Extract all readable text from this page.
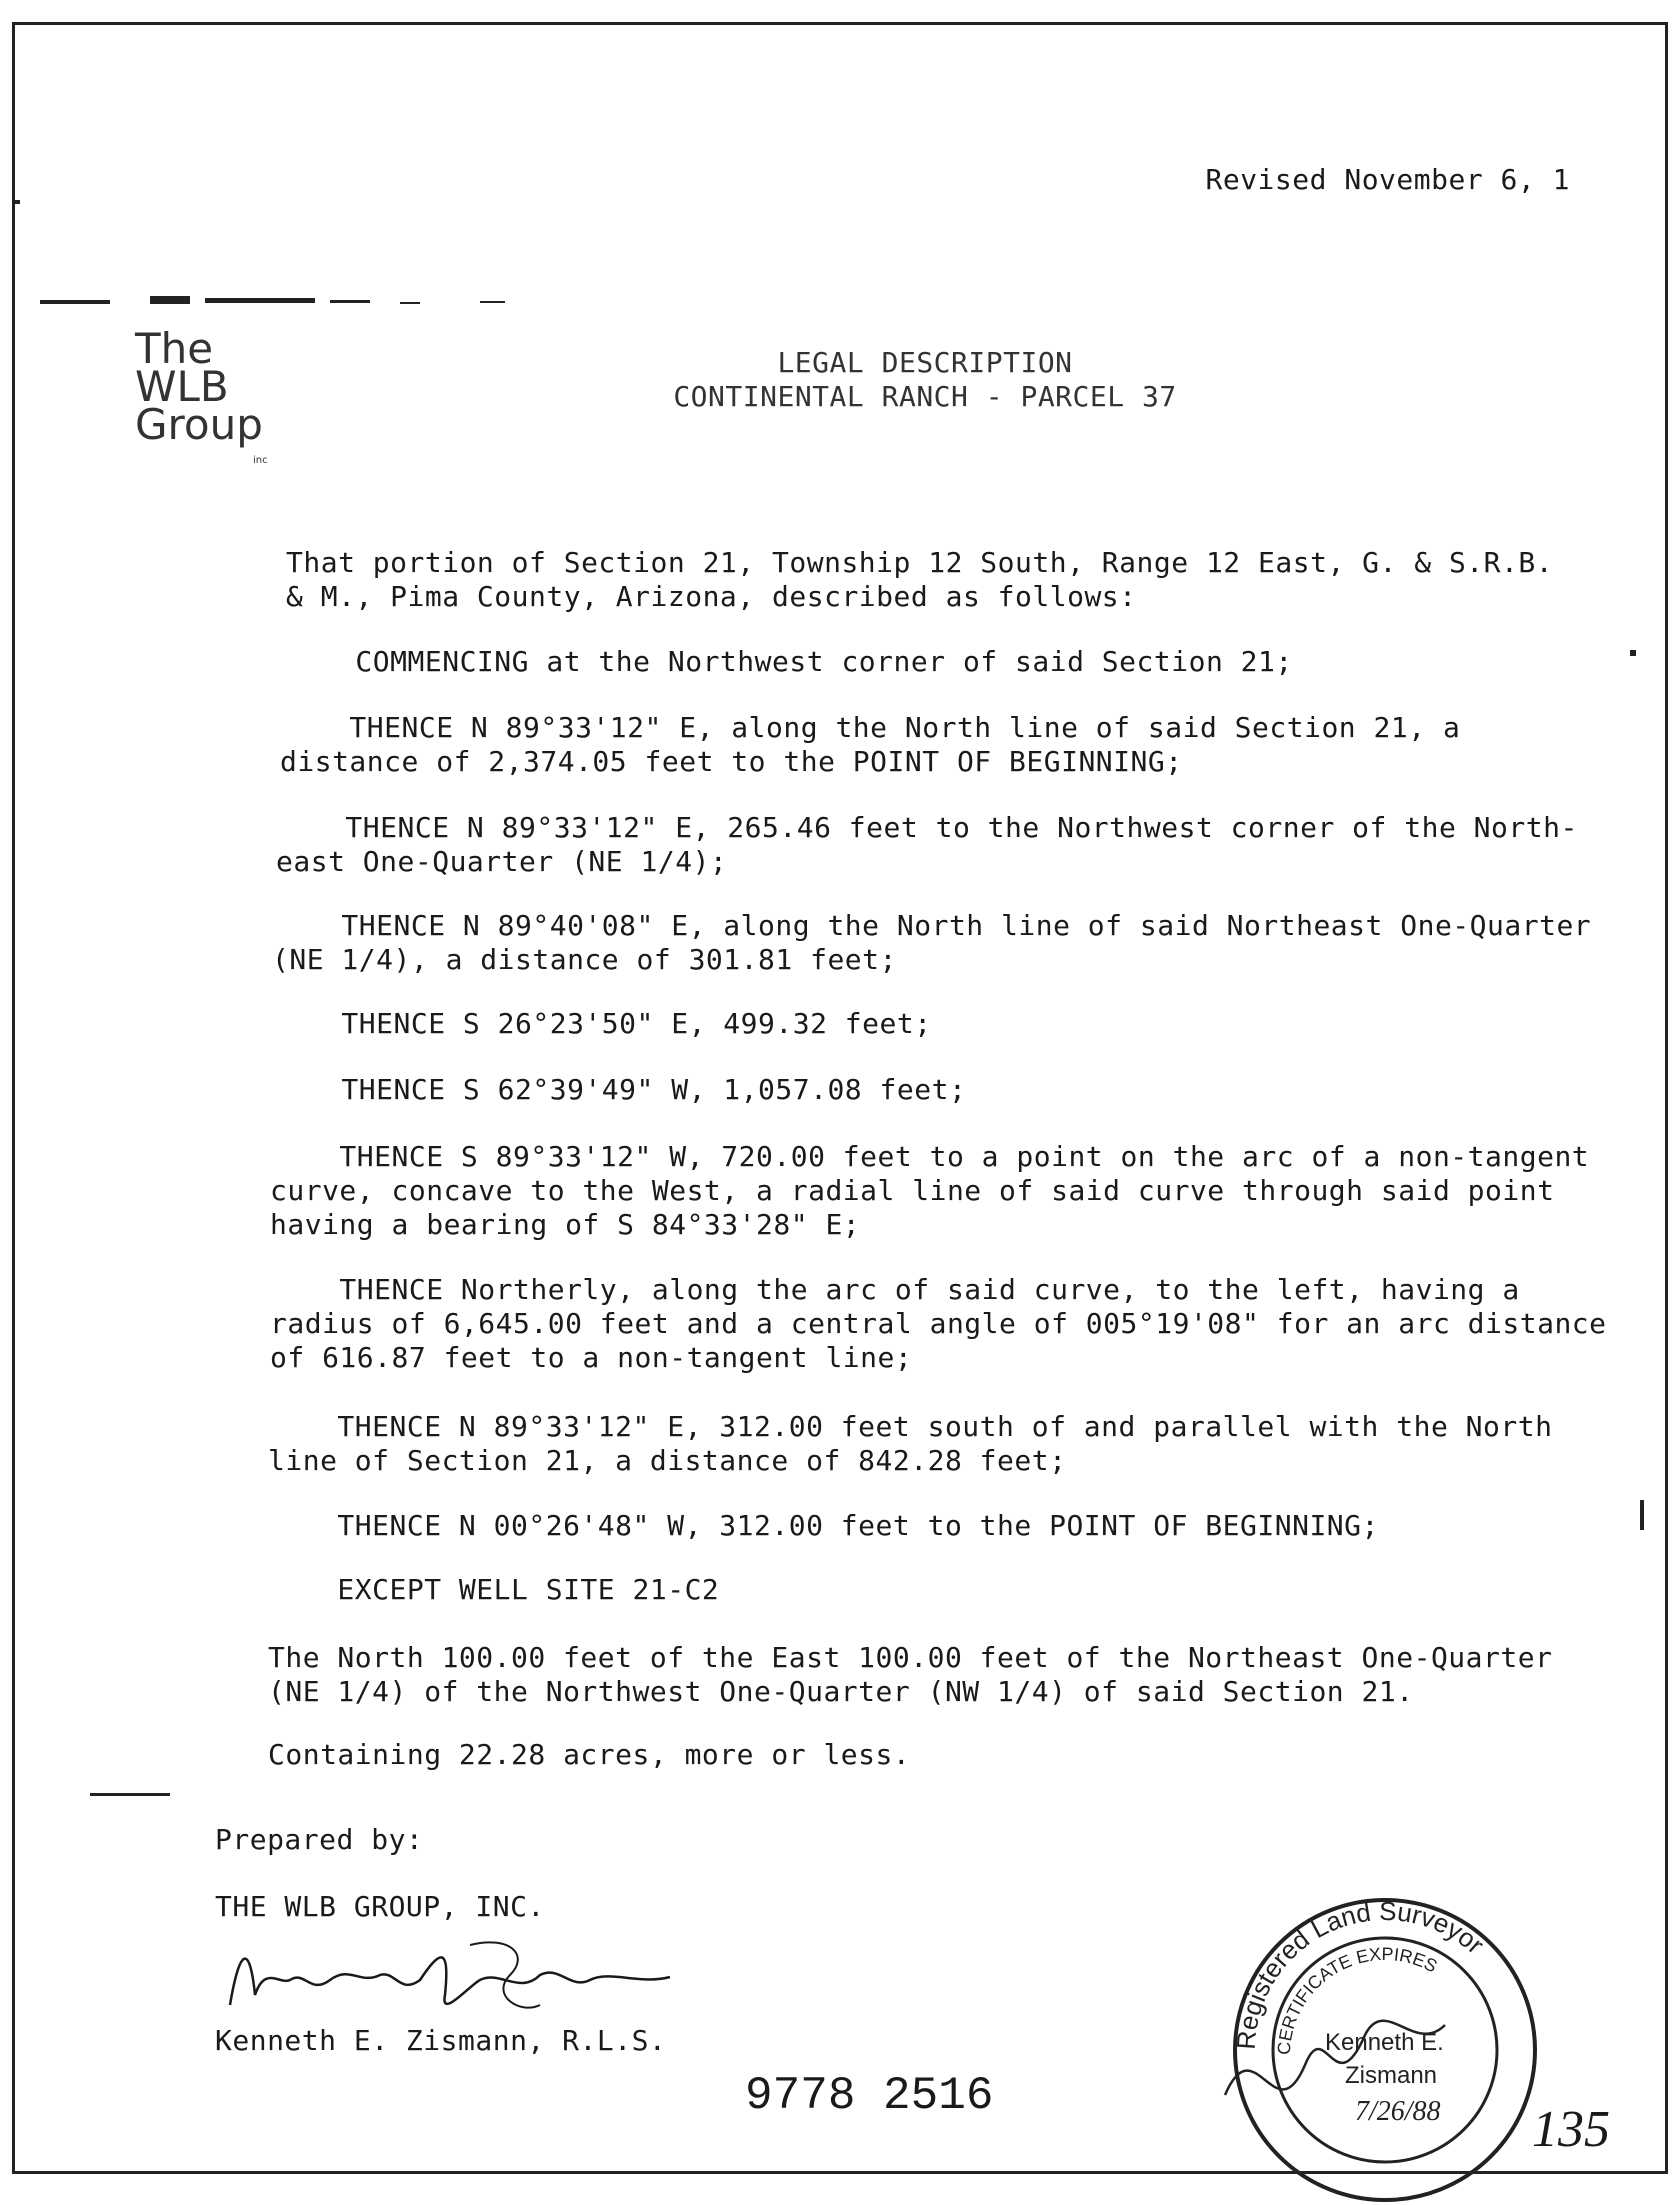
Revised November 6, 1
The
WLB
Group
inc
LEGAL DESCRIPTION
CONTINENTAL RANCH - PARCEL 37
That portion of Section 21, Township 12 South, Range 12 East, G. & S.R.B.
& M., Pima County, Arizona, described as follows:
COMMENCING at the Northwest corner of said Section 21;
THENCE N 89°33'12" E, along the North line of said Section 21, a
distance of 2,374.05 feet to the POINT OF BEGINNING;
THENCE N 89°33'12" E, 265.46 feet to the Northwest corner of the North-
east One-Quarter (NE 1/4);
THENCE N 89°40'08" E, along the North line of said Northeast One-Quarter
(NE 1/4), a distance of 301.81 feet;
THENCE S 26°23'50" E, 499.32 feet;
THENCE S 62°39'49" W, 1,057.08 feet;
THENCE S 89°33'12" W, 720.00 feet to a point on the arc of a non-tangent
curve, concave to the West, a radial line of said curve through said point
having a bearing of S 84°33'28" E;
THENCE Northerly, along the arc of said curve, to the left, having a
radius of 6,645.00 feet and a central angle of 005°19'08" for an arc distance
of 616.87 feet to a non-tangent line;
THENCE N 89°33'12" E, 312.00 feet south of and parallel with the North
line of Section 21, a distance of 842.28 feet;
THENCE N 00°26'48" W, 312.00 feet to the POINT OF BEGINNING;
EXCEPT WELL SITE 21-C2
The North 100.00 feet of the East 100.00 feet of the Northeast One-Quarter
(NE 1/4) of the Northwest One-Quarter (NW 1/4) of said Section 21.
Containing 22.28 acres, more or less.
Prepared by:
THE WLB GROUP, INC.
Kenneth E. Zismann, R.L.S.	Registered Land Surveyor
CERTIFICATE EXPIRES
Kenneth E.
Zismann
7/26/88
9778 2516
135
